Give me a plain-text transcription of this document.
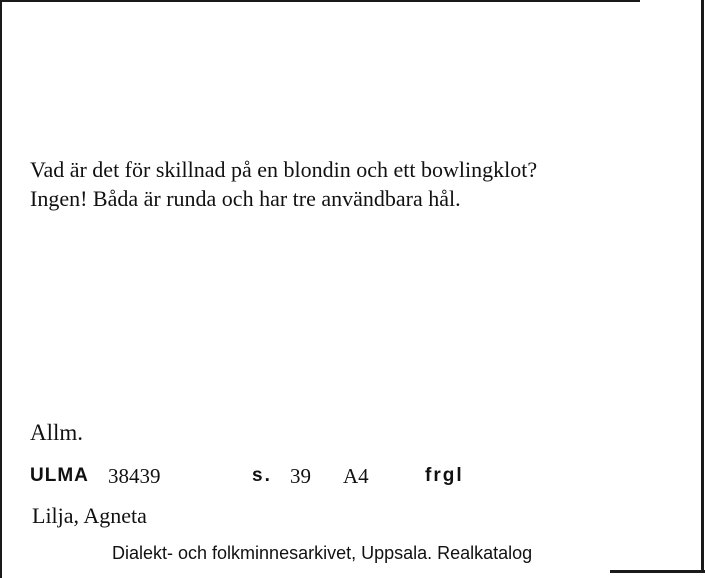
Vad är det för skillnad på en blondin och ett bowlingklot?
Ingen! Båda är runda och har tre användbara hål.
Allm.
ULMA 38439	s. 39 A4	frgl
Lilja, Agneta
Dialekt- och folkminnesarkivet, Uppsala. Realkatalog
